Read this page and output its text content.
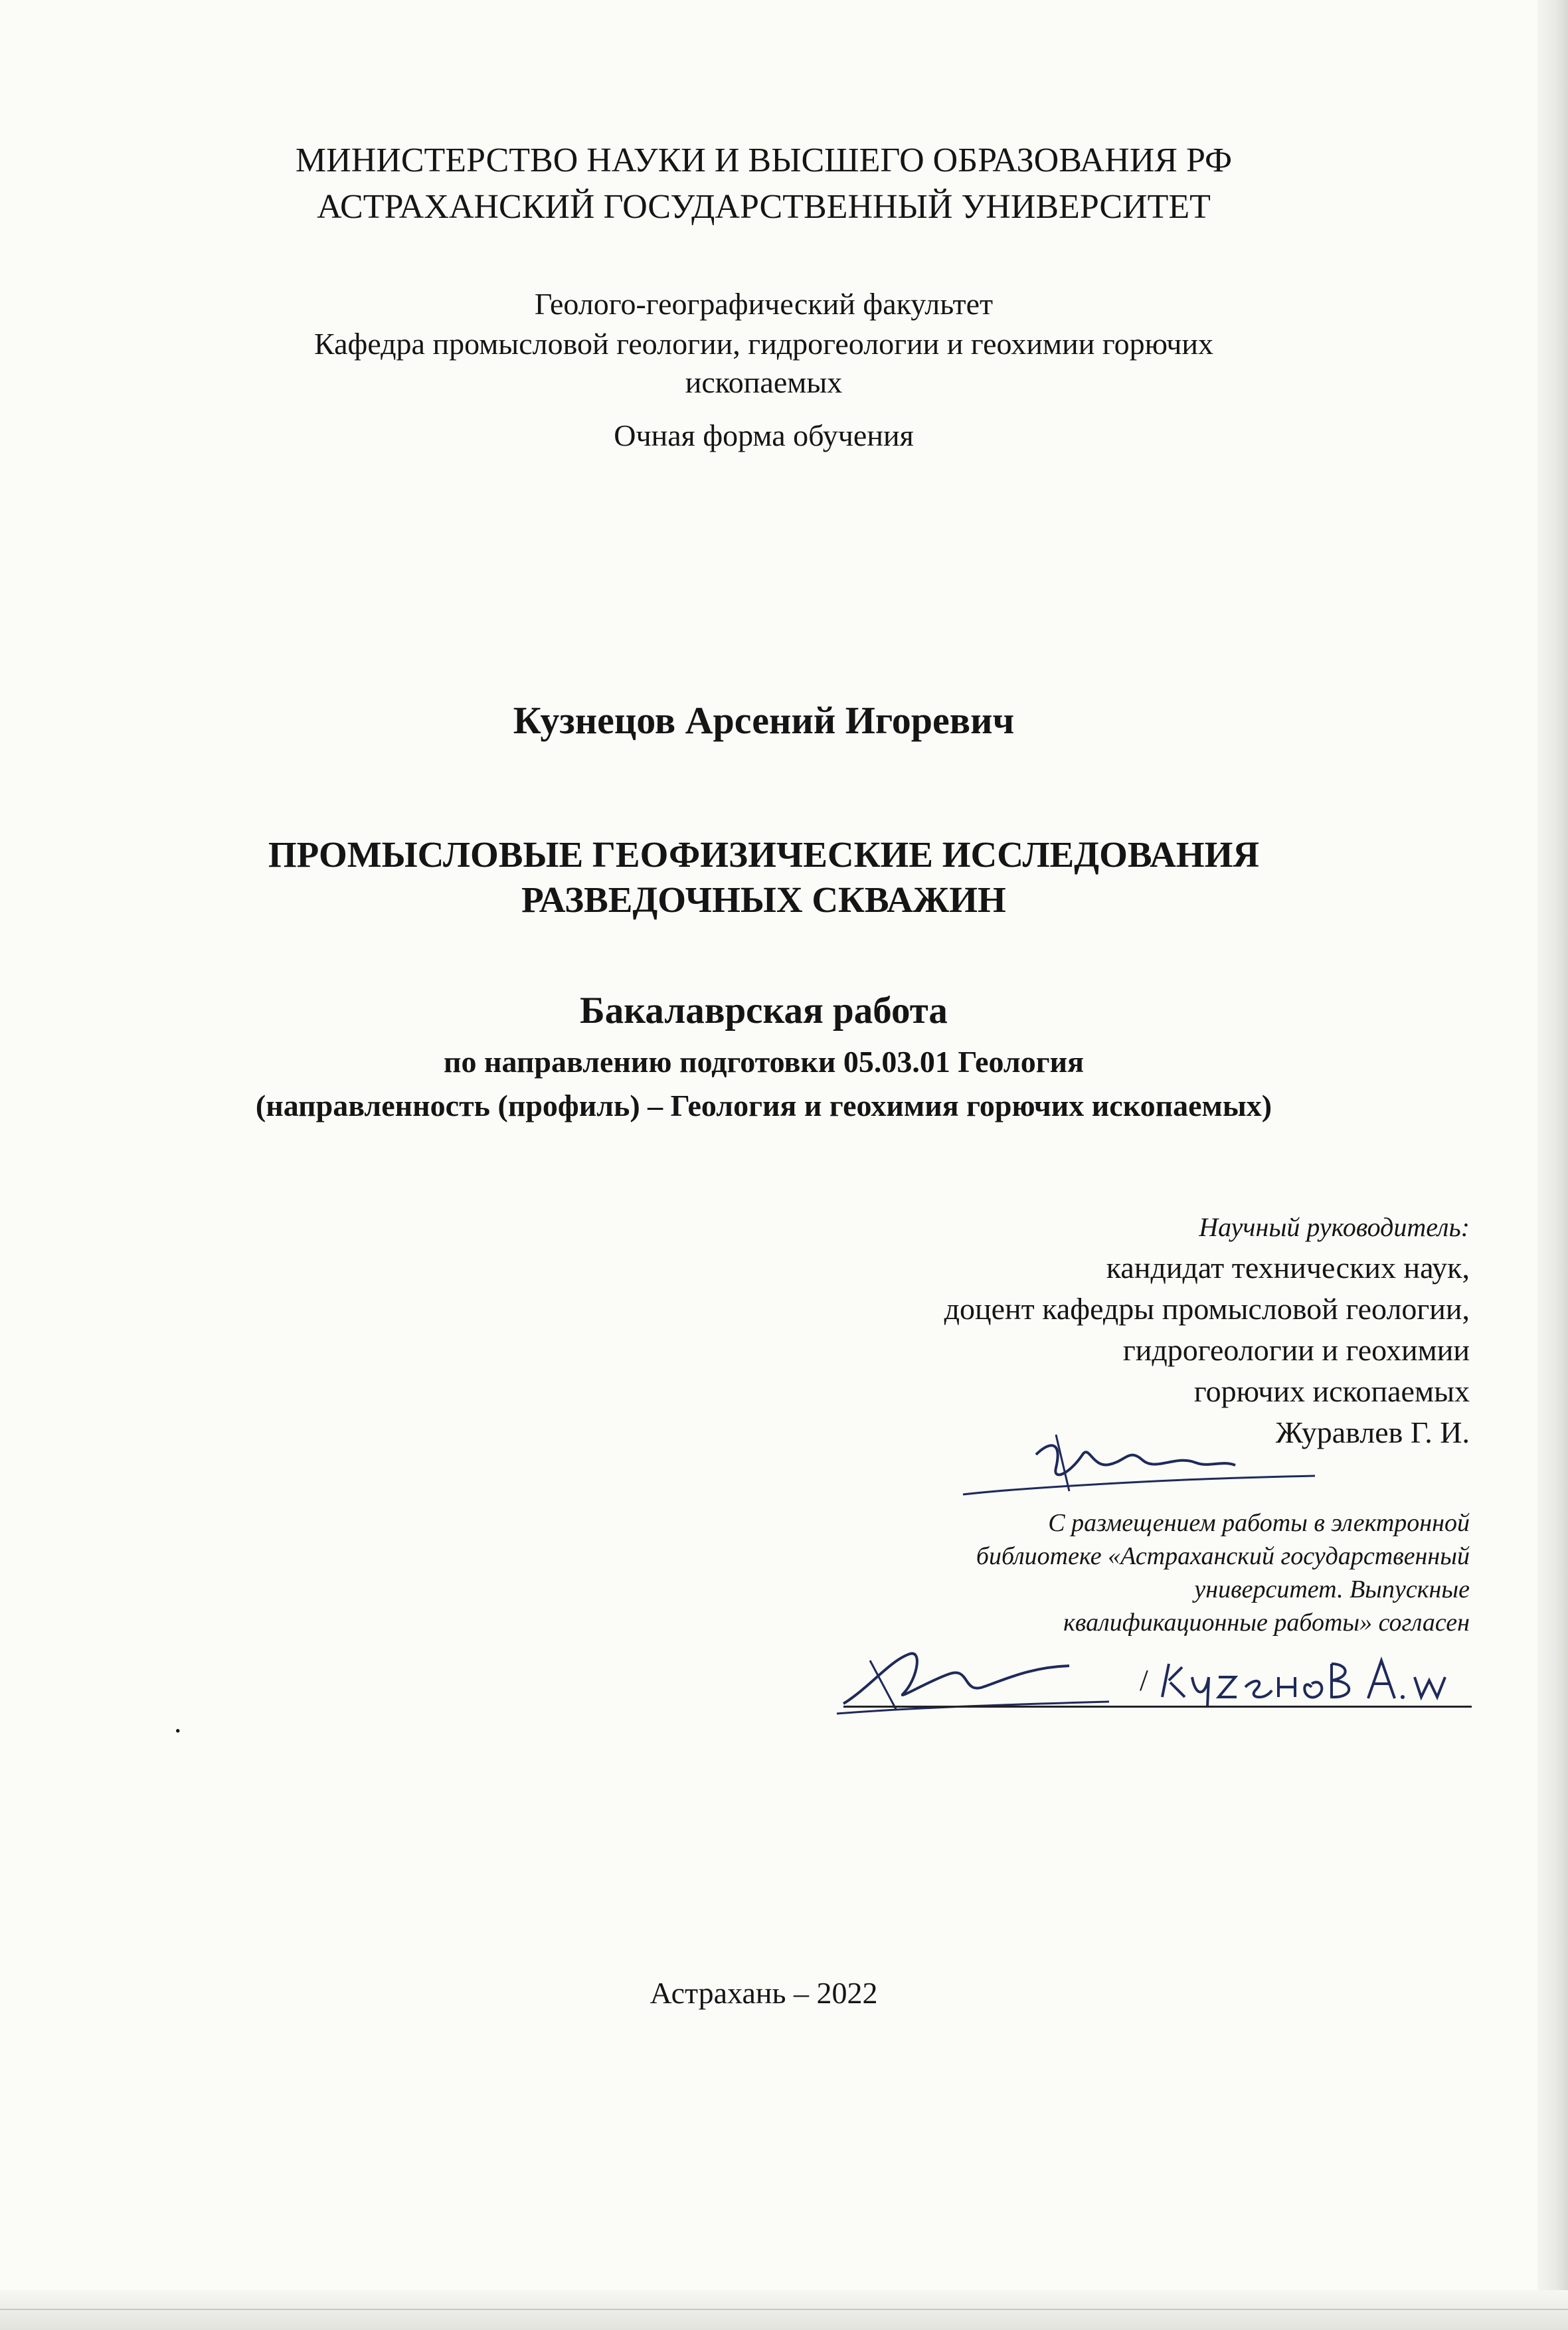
МИНИСТЕРСТВО НАУКИ И ВЫСШЕГО ОБРАЗОВАНИЯ РФ
АСТРАХАНСКИЙ ГОСУДАРСТВЕННЫЙ УНИВЕРСИТЕТ
Геолого-географический факультет
Кафедра промысловой геологии, гидрогеологии и геохимии горючих
ископаемых
Очная форма обучения
Кузнецов Арсений Игоревич
ПРОМЫСЛОВЫЕ ГЕОФИЗИЧЕСКИЕ ИССЛЕДОВАНИЯ
РАЗВЕДОЧНЫХ СКВАЖИН
Бакалаврская работа
по направлению подготовки 05.03.01 Геология
(направленность (профиль) – Геология и геохимия горючих ископаемых)
Научный руководитель:
кандидат технических наук,
доцент кафедры промысловой геологии,
гидрогеологии и геохимии
горючих ископаемых
Журавлев Г. И.
С размещением работы в электронной
библиотеке «Астраханский государственный
университет. Выпускные
квалификационные работы» согласен
/
.
Астрахань – 2022
